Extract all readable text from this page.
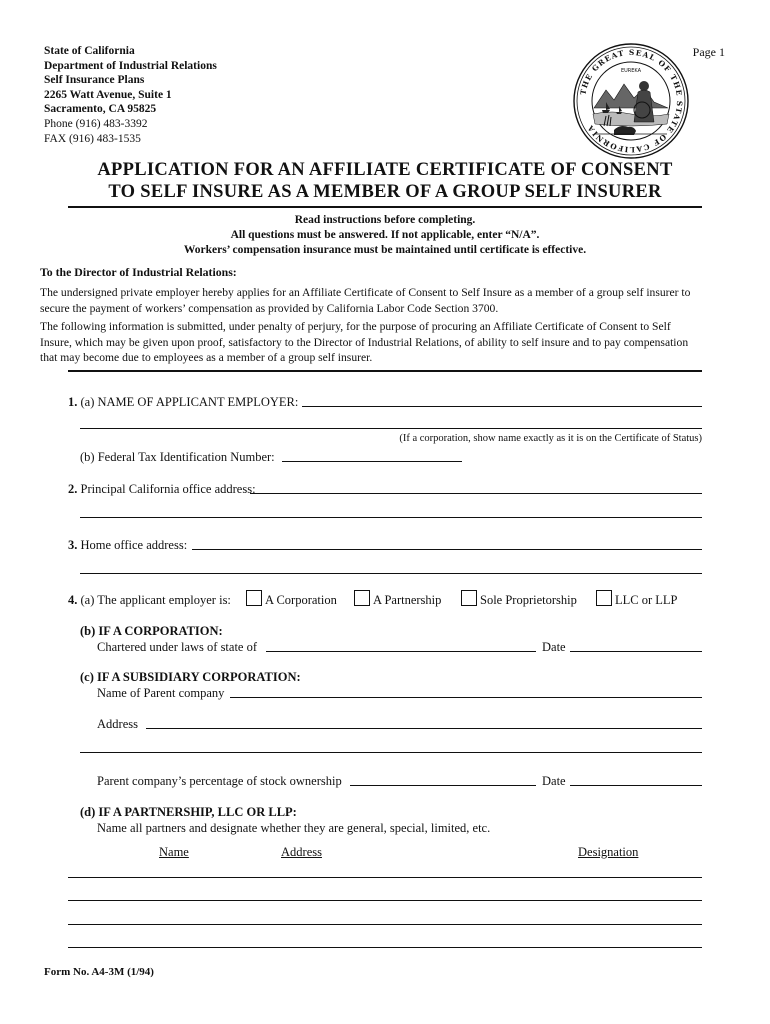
State of California
Department of Industrial Relations
Self Insurance Plans
2265 Watt Avenue, Suite 1
Sacramento, CA 95825
Phone (916) 483-3392
FAX (916) 483-1535
Page 1
THE GREAT SEAL OF THE STATE OF CALIFORNIA
EUREKA
APPLICATION FOR AN AFFILIATE CERTIFICATE OF CONSENT
TO SELF INSURE AS A MEMBER OF A GROUP SELF INSURER
Read instructions before completing.
All questions must be answered. If not applicable, enter “N/A”.
Workers’ compensation insurance must be maintained until certificate is effective.
To the Director of Industrial Relations:
The undersigned private employer hereby applies for an Affiliate Certificate of Consent to Self Insure as a member of a group self insurer to secure the payment of workers’ compensation as provided by California Labor Code Section 3700.
The following information is submitted, under penalty of perjury, for the purpose of procuring an Affiliate Certificate of Consent to Self Insure, which may be given upon proof, satisfactory to the Director of Industrial Relations, of ability to self insure and to pay compensation that may become due to employees as a member of a group self insurer.
1. (a) NAME OF APPLICANT EMPLOYER:
(If a corporation, show name exactly as it is on the Certificate of Status)
(b) Federal Tax Identification Number:
2. Principal California office address:
3. Home office address:
4. (a) The applicant employer is:	A Corporation	A Partnership	Sole Proprietorship	LLC or LLP
(b) IF A CORPORATION:
Chartered under laws of state of	Date
(c) IF A SUBSIDIARY CORPORATION:
Name of Parent company
Address
Parent company’s percentage of stock ownership	Date
(d) IF A PARTNERSHIP, LLC OR LLP:
Name all partners and designate whether they are general, special, limited, etc.
Name	Address	Designation
Form No. A4-3M (1/94)
